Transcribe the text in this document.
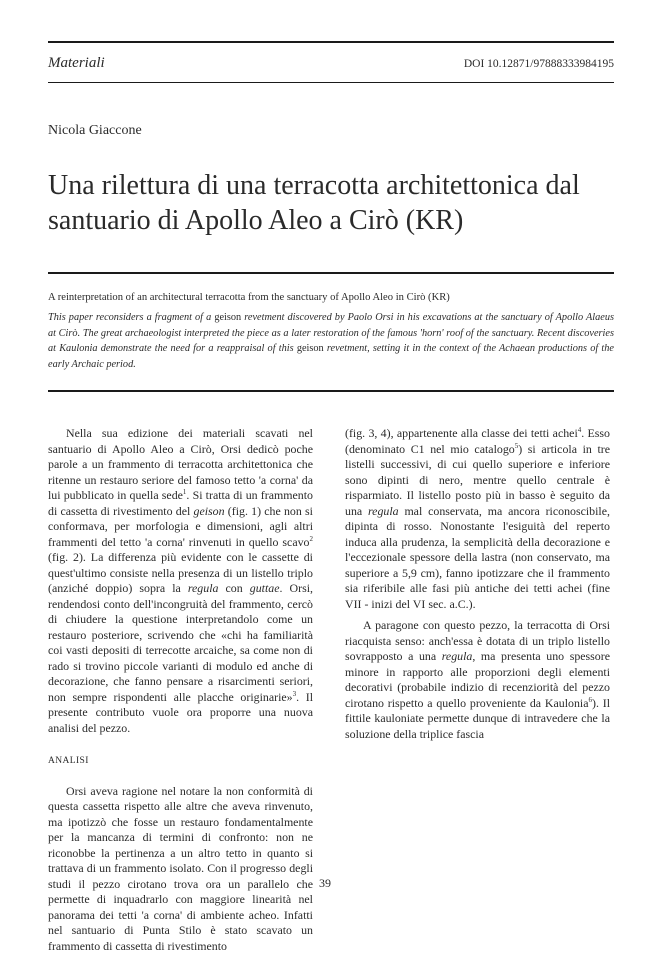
Materiali	DOI 10.12871/97888333984195
Nicola Giaccone
Una rilettura di una terracotta architettonica dal santuario di Apollo Aleo a Cirò (KR)
A reinterpretation of an architectural terracotta from the sanctuary of Apollo Aleo in Cirò (KR)

This paper reconsiders a fragment of a geison revetment discovered by Paolo Orsi in his excavations at the sanctuary of Apollo Alaeus at Cirò. The great archaeologist interpreted the piece as a later restoration of the famous 'horn' roof of the sanctuary. Recent discoveries at Kaulonia demonstrate the need for a reappraisal of this geison revetment, setting it in the context of the Achaean productions of the early Archaic period.

Nella sua edizione dei materiali scavati nel santuario di Apollo Aleo a Cirò, Orsi dedicò poche parole a un frammento di terracotta architettonica che ritenne un restauro seriore del famoso tetto 'a corna' da lui pubblicato in quella sede$^1$. Si tratta di un frammento di cassetta di rivestimento del geison (fig. 1) che non si conformava, per morfologia e dimensioni, agli altri frammenti del tetto 'a corna' rinvenuti in quello scavo$^2$ (fig. 2). La differenza più evidente con le cassette di quest'ultimo consiste nella presenza di un listello triplo (anziché doppio) sopra la regula con guttae. Orsi, rendendosi conto dell'incongruità del frammento, cercò di chiudere la questione interpretandolo come un restauro posteriore, scrivendo che «chi ha familiarità coi vasti depositi di terrecotte arcaiche, sa come non di rado si trovino piccole varianti di modulo ed anche di decorazione, che fanno pensare a risarcimenti seriori, non sempre rispondenti alle placche originarie»$^3$. Il presente contributo vuole ora proporre una nuova analisi del pezzo.

ANALISI

Orsi aveva ragione nel notare la non conformità di questa cassetta rispetto alle altre che aveva rinvenuto, ma ipotizzò che fosse un restauro fondamentalmente per la mancanza di termini di confronto: non ne riconobbe la pertinenza a un altro tetto in quanto si trattava di un frammento isolato. Con il progresso degli studi il pezzo cirotano trova ora un parallelo che permette di inquadrarlo con maggiore linearità nel panorama dei tetti 'a corna' di ambiente acheo. Infatti nel santuario di Punta Stilo è stato scavato un frammento di cassetta di rivestimento

(fig. 3, 4), appartenente alla classe dei tetti achei$^4$. Esso (denominato C1 nel mio catalogo$^5$) si articola in tre listelli successivi, di cui quello superiore e inferiore sono dipinti di nero, mentre quello centrale è risparmiato. Il listello posto più in basso è seguito da una regula mal conservata, ma ancora riconoscibile, dipinta di rosso. Nonostante l'esiguità del reperto induca alla prudenza, la semplicità della decorazione e l'eccezionale spessore della lastra (non conservato, ma superiore a 5,9 cm), fanno ipotizzare che il frammento sia riferibile alle fasi più antiche dei tetti achei (fine VII - inizi del VI sec. a.C.).

A paragone con questo pezzo, la terracotta di Orsi riacquista senso: anch'essa è dotata di un triplo listello sovrapposto a una regula, ma presenta uno spessore minore in rapporto alle proporzioni degli elementi decorativi (probabile indizio di recenziorità del pezzo cirotano rispetto a quello proveniente da Kaulonia$^6$). Il fittile kauloniate permette dunque di intravedere che la soluzione della triplice fascia

39
